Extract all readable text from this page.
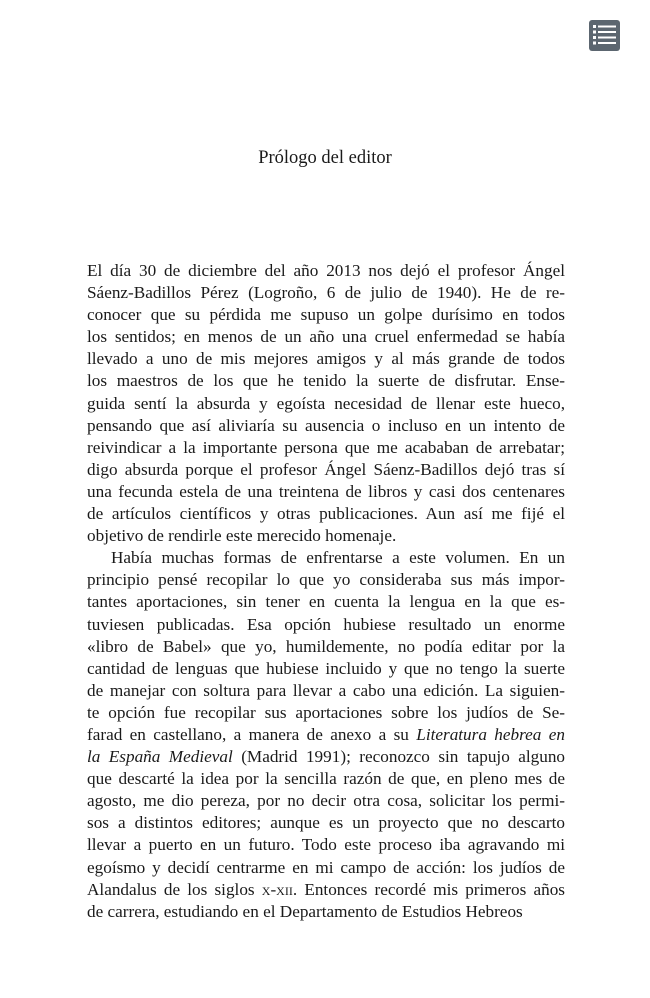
Prólogo del editor
El día 30 de diciembre del año 2013 nos dejó el profesor Ángel
Sáenz-Badillos Pérez (Logroño, 6 de julio de 1940). He de re-
conocer que su pérdida me supuso un golpe durísimo en todos
los sentidos; en menos de un año una cruel enfermedad se había
llevado a uno de mis mejores amigos y al más grande de todos
los maestros de los que he tenido la suerte de disfrutar. Ense-
guida sentí la absurda y egoísta necesidad de llenar este hueco,
pensando que así aliviaría su ausencia o incluso en un intento de
reivindicar a la importante persona que me acababan de arrebatar;
digo absurda porque el profesor Ángel Sáenz-Badillos dejó tras sí
una fecunda estela de una treintena de libros y casi dos centenares
de artículos científicos y otras publicaciones. Aun así me fijé el
objetivo de rendirle este merecido homenaje.
Había muchas formas de enfrentarse a este volumen. En un
principio pensé recopilar lo que yo consideraba sus más impor-
tantes aportaciones, sin tener en cuenta la lengua en la que es-
tuviesen publicadas. Esa opción hubiese resultado un enorme
«libro de Babel» que yo, humildemente, no podía editar por la
cantidad de lenguas que hubiese incluido y que no tengo la suerte
de manejar con soltura para llevar a cabo una edición. La siguien-
te opción fue recopilar sus aportaciones sobre los judíos de Se-
farad en castellano, a manera de anexo a su Literatura hebrea en
la España Medieval (Madrid 1991); reconozco sin tapujo alguno
que descarté la idea por la sencilla razón de que, en pleno mes de
agosto, me dio pereza, por no decir otra cosa, solicitar los permi-
sos a distintos editores; aunque es un proyecto que no descarto
llevar a puerto en un futuro. Todo este proceso iba agravando mi
egoísmo y decidí centrarme en mi campo de acción: los judíos de
Alandalus de los siglos x-xii. Entonces recordé mis primeros años
de carrera, estudiando en el Departamento de Estudios Hebreos
